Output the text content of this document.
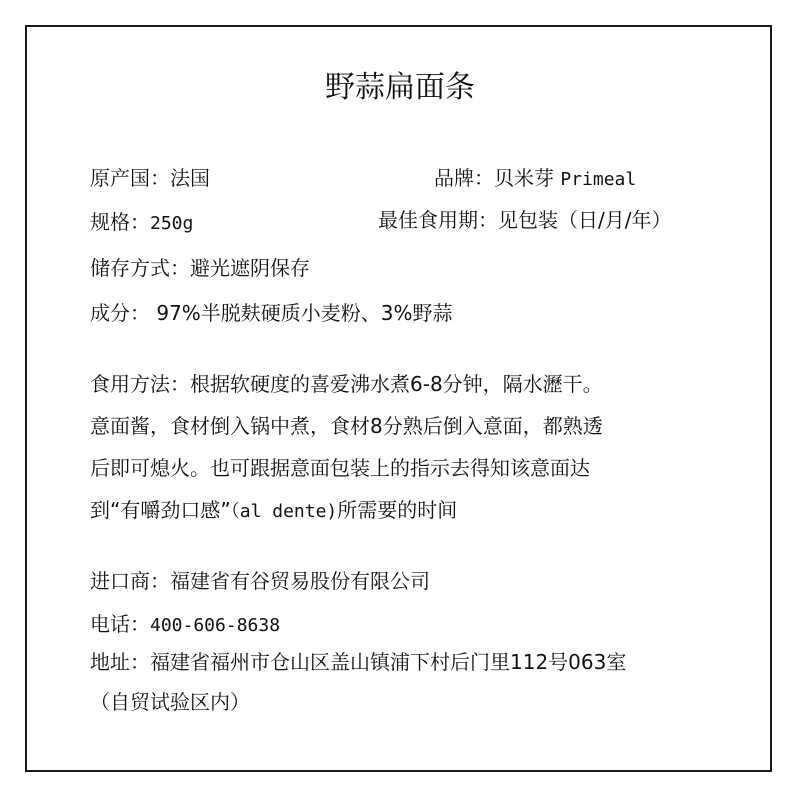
野蒜扁面条
原产国：法国	品牌：贝米芽 Primeal
规格：250g	最佳食用期：见包装（日/月/年）
储存方式：避光遮阴保存
成分： 97%半脱麸硬质小麦粉、3%野蒜
食用方法：根据软硬度的喜爱沸水煮6-8分钟，隔水瀝干。
意面酱，食材倒入锅中煮，食材8分熟后倒入意面，都熟透
后即可熄火。也可跟据意面包装上的指示去得知该意面达
到“有嚼劲口感”（al dente)所需要的时间
进口商：福建省有谷贸易股份有限公司
电话：400-606-8638
地址：福建省福州市仓山区盖山镇浦下村后门里112号063室
（自贸试验区内）
